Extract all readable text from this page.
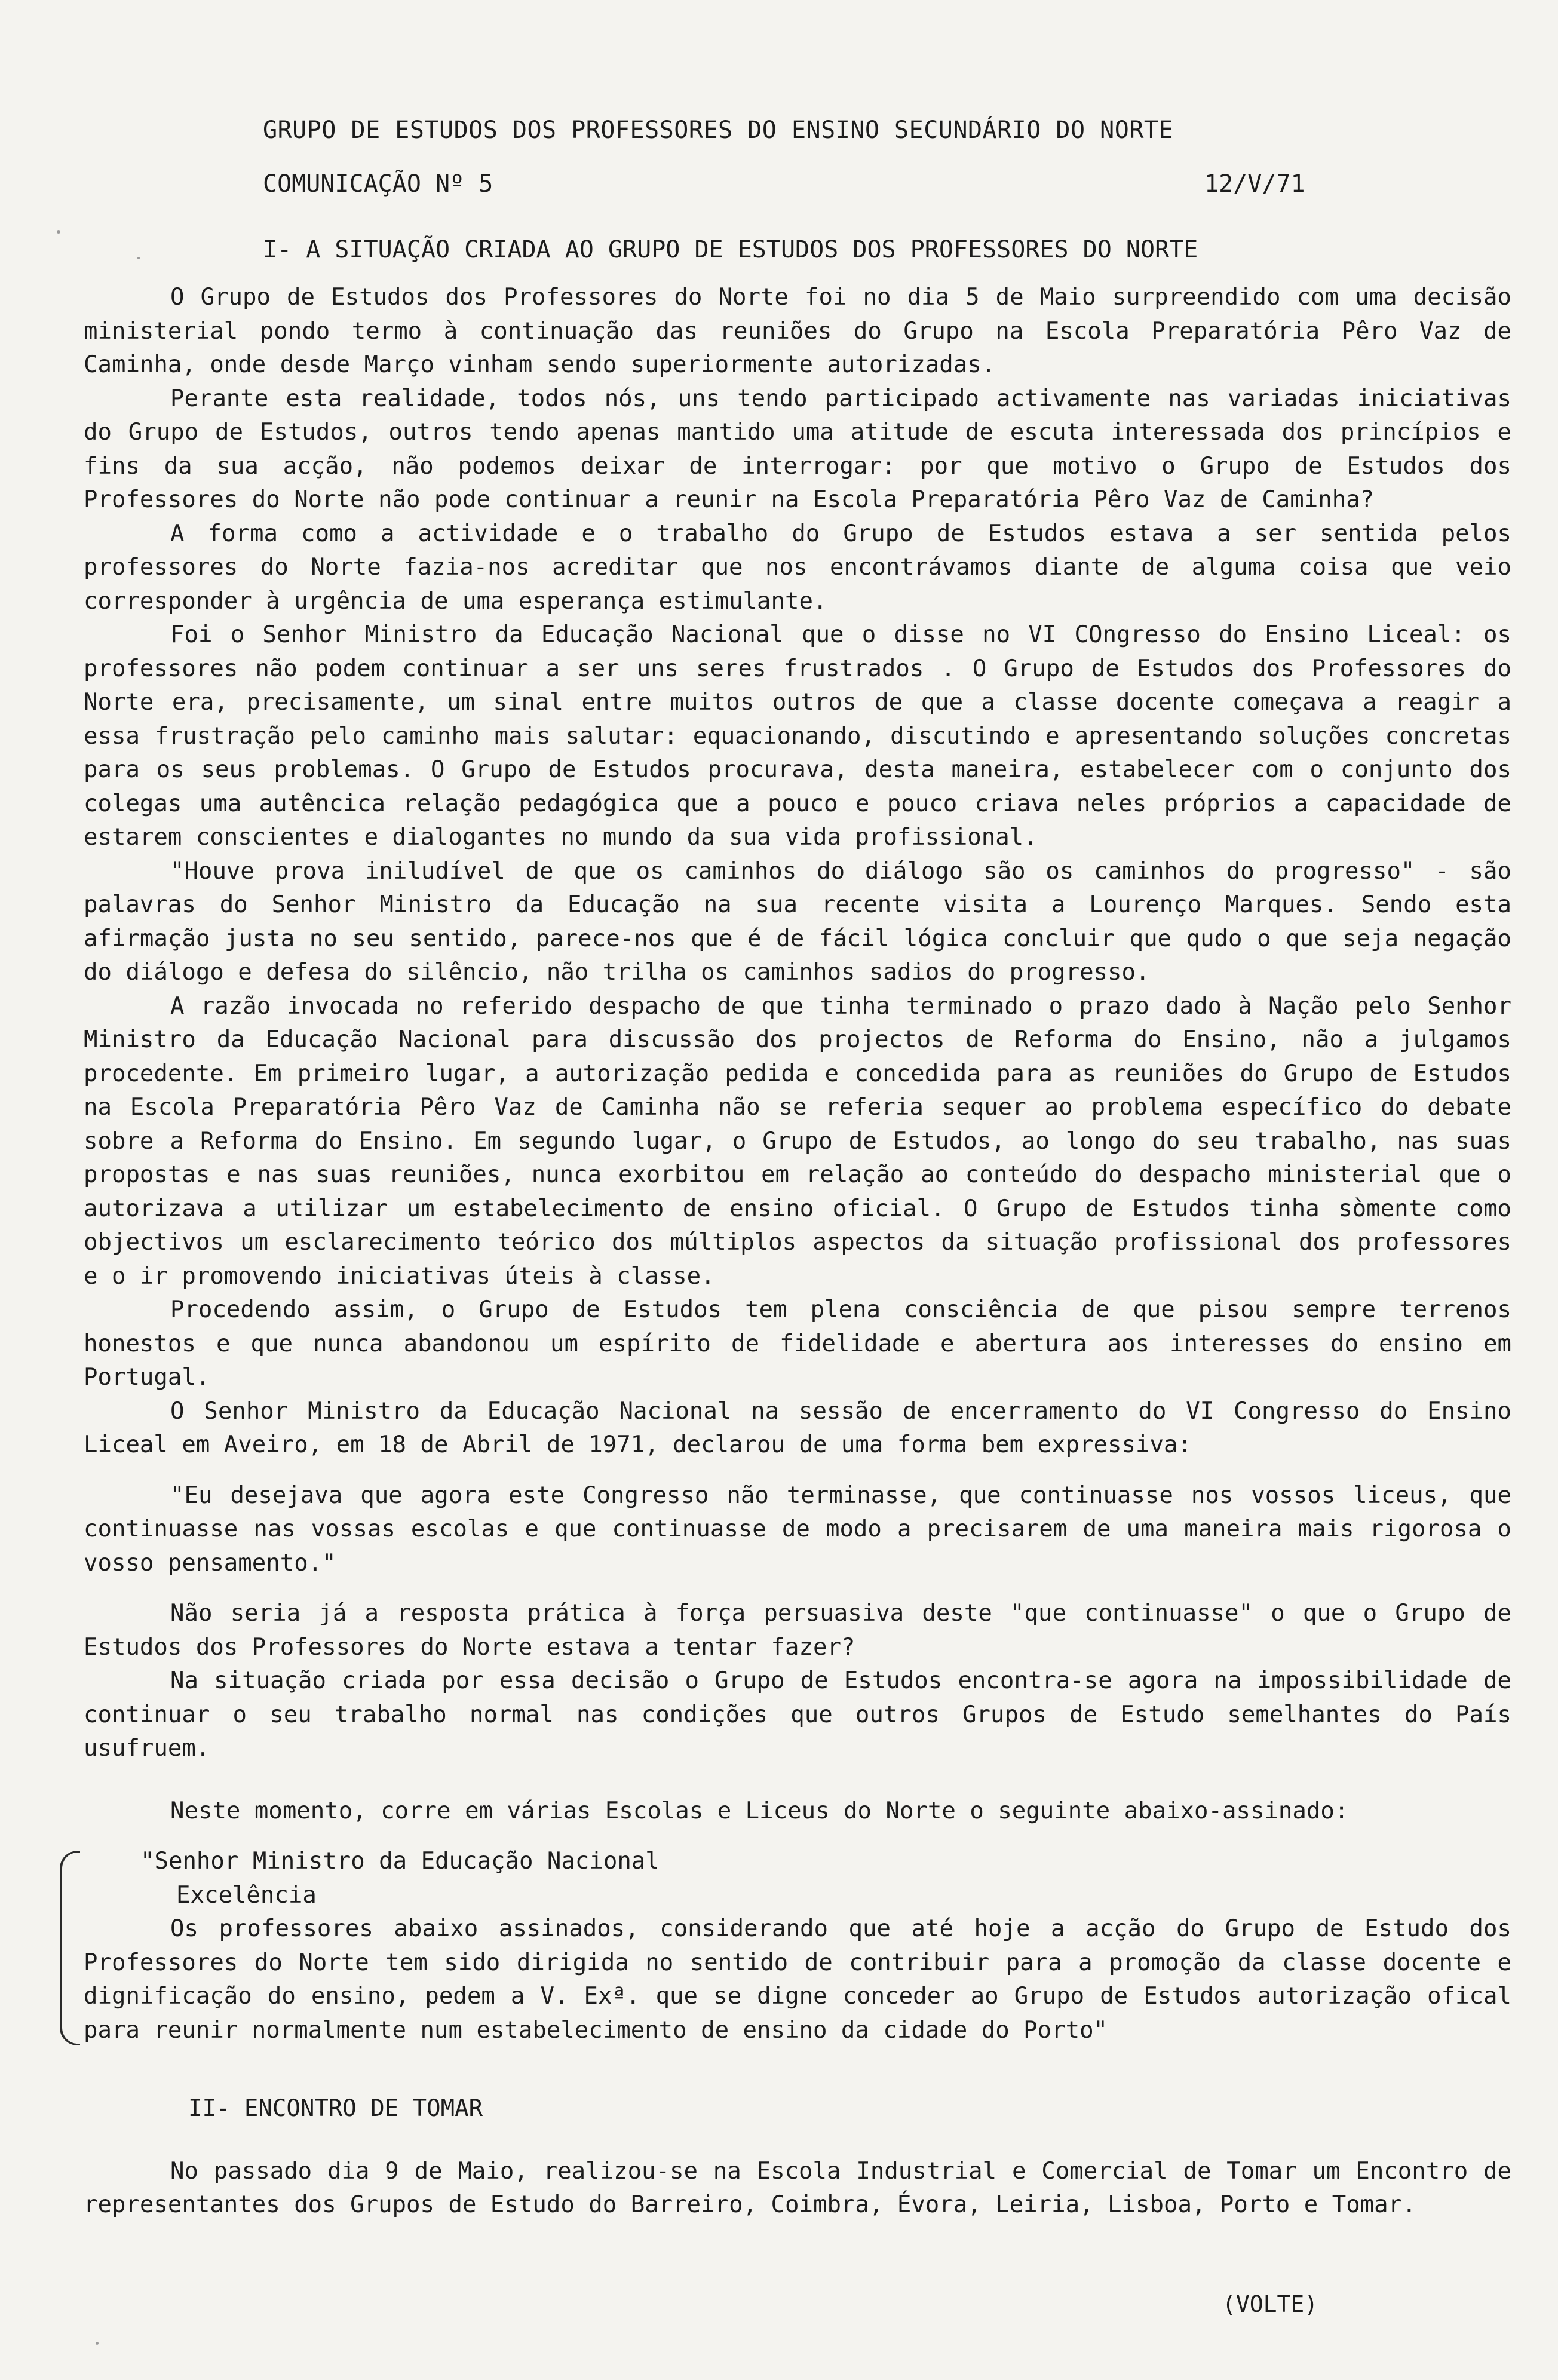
GRUPO DE ESTUDOS DOS PROFESSORES DO ENSINO SECUNDÁRIO DO NORTE
COMUNICAÇÃO Nº 5	12/V/71
I- A SITUAÇÃO CRIADA AO GRUPO DE ESTUDOS DOS PROFESSORES DO NORTE

O Grupo de Estudos dos Professores do Norte foi no dia 5 de Maio surpreendido com uma decisão ministerial pondo termo à continuação das reuniões do Grupo na Escola Preparatória Pêro Vaz de Caminha, onde desde Março vinham sendo superiormente autorizadas.

Perante esta realidade, todos nós, uns tendo participado activamente nas variadas iniciativas do Grupo de Estudos, outros tendo apenas mantido uma atitude de escuta interessada dos princípios e fins da sua acção, não podemos deixar de interrogar: por que motivo o Grupo de Estudos dos Professores do Norte não pode continuar a reunir na Escola Preparatória Pêro Vaz de Caminha?

A forma como a actividade e o trabalho do Grupo de Estudos estava a ser sentida pelos professores do Norte fazia-nos acreditar que nos encontrávamos diante de alguma coisa que veio corresponder à urgência de uma esperança estimulante.

Foi o Senhor Ministro da Educação Nacional que o disse no VI COngresso do Ensino Liceal: os professores não podem continuar a ser uns seres frustrados . O Grupo de Estudos dos Professores do Norte era, precisamente, um sinal entre muitos outros de que a classe docente começava a reagir a essa frustração pelo caminho mais salutar: equacionando, discutindo e apresentando soluções concretas para os seus problemas. O Grupo de Estudos procurava, desta maneira, estabelecer com o conjunto dos colegas uma autêncica relação pedagógica que a pouco e pouco criava neles próprios a capacidade de estarem conscientes e dialogantes no mundo da sua vida profissional.

"Houve prova iniludível de que os caminhos do diálogo são os caminhos do progresso" - são palavras do Senhor Ministro da Educação na sua recente visita a Lourenço Marques. Sendo esta afirmação justa no seu sentido, parece-nos que é de fácil lógica concluir que qudo o que seja negação do diálogo e defesa do silêncio, não trilha os caminhos sadios do progresso.

A razão invocada no referido despacho de que tinha terminado o prazo dado à Nação pelo Senhor Ministro da Educação Nacional para discussão dos projectos de Reforma do Ensino, não a julgamos procedente. Em primeiro lugar, a autorização pedida e concedida para as reuniões do Grupo de Estudos na Escola Preparatória Pêro Vaz de Caminha não se referia sequer ao problema específico do debate sobre a Reforma do Ensino. Em segundo lugar, o Grupo de Estudos, ao longo do seu trabalho, nas suas propostas e nas suas reuniões, nunca exorbitou em relação ao conteúdo do despacho ministerial que o autorizava a utilizar um estabelecimento de ensino oficial. O Grupo de Estudos tinha sòmente como objectivos um esclarecimento teórico dos múltiplos aspectos da situação profissional dos professores e o ir promovendo iniciativas úteis à classe.

Procedendo assim, o Grupo de Estudos tem plena consciência de que pisou sempre terrenos honestos e que nunca abandonou um espírito de fidelidade e abertura aos interesses do ensino em Portugal.

O Senhor Ministro da Educação Nacional na sessão de encerramento do VI Congresso do Ensino Liceal em Aveiro, em 18 de Abril de 1971, declarou de uma forma bem expressiva:

"Eu desejava que agora este Congresso não terminasse, que continuasse nos vossos liceus, que continuasse nas vossas escolas e que continuasse de modo a precisarem de uma maneira mais rigorosa o vosso pensamento."

Não seria já a resposta prática à força persuasiva deste "que continuasse" o que o Grupo de Estudos dos Professores do Norte estava a tentar fazer?

Na situação criada por essa decisão o Grupo de Estudos encontra-se agora na impossibilidade de continuar o seu trabalho normal nas condições que outros Grupos de Estudo semelhantes do País usufruem.

Neste momento, corre em várias Escolas e Liceus do Norte o seguinte abaixo-assinado:

"Senhor Ministro da Educação Nacional

Excelência

Os professores abaixo assinados, considerando que até hoje a acção do Grupo de Estudo dos Professores do Norte tem sido dirigida no sentido de contribuir para a promoção da classe docente e dignificação do ensino, pedem a V. Exª. que se digne conceder ao Grupo de Estudos autorização ofical para reunir normalmente num estabelecimento de ensino da cidade do Porto"

II- ENCONTRO DE TOMAR

No passado dia 9 de Maio, realizou-se na Escola Industrial e Comercial de Tomar um Encontro de representantes dos Grupos de Estudo do Barreiro, Coimbra, Évora, Leiria, Lisboa, Porto e Tomar.

(VOLTE)
